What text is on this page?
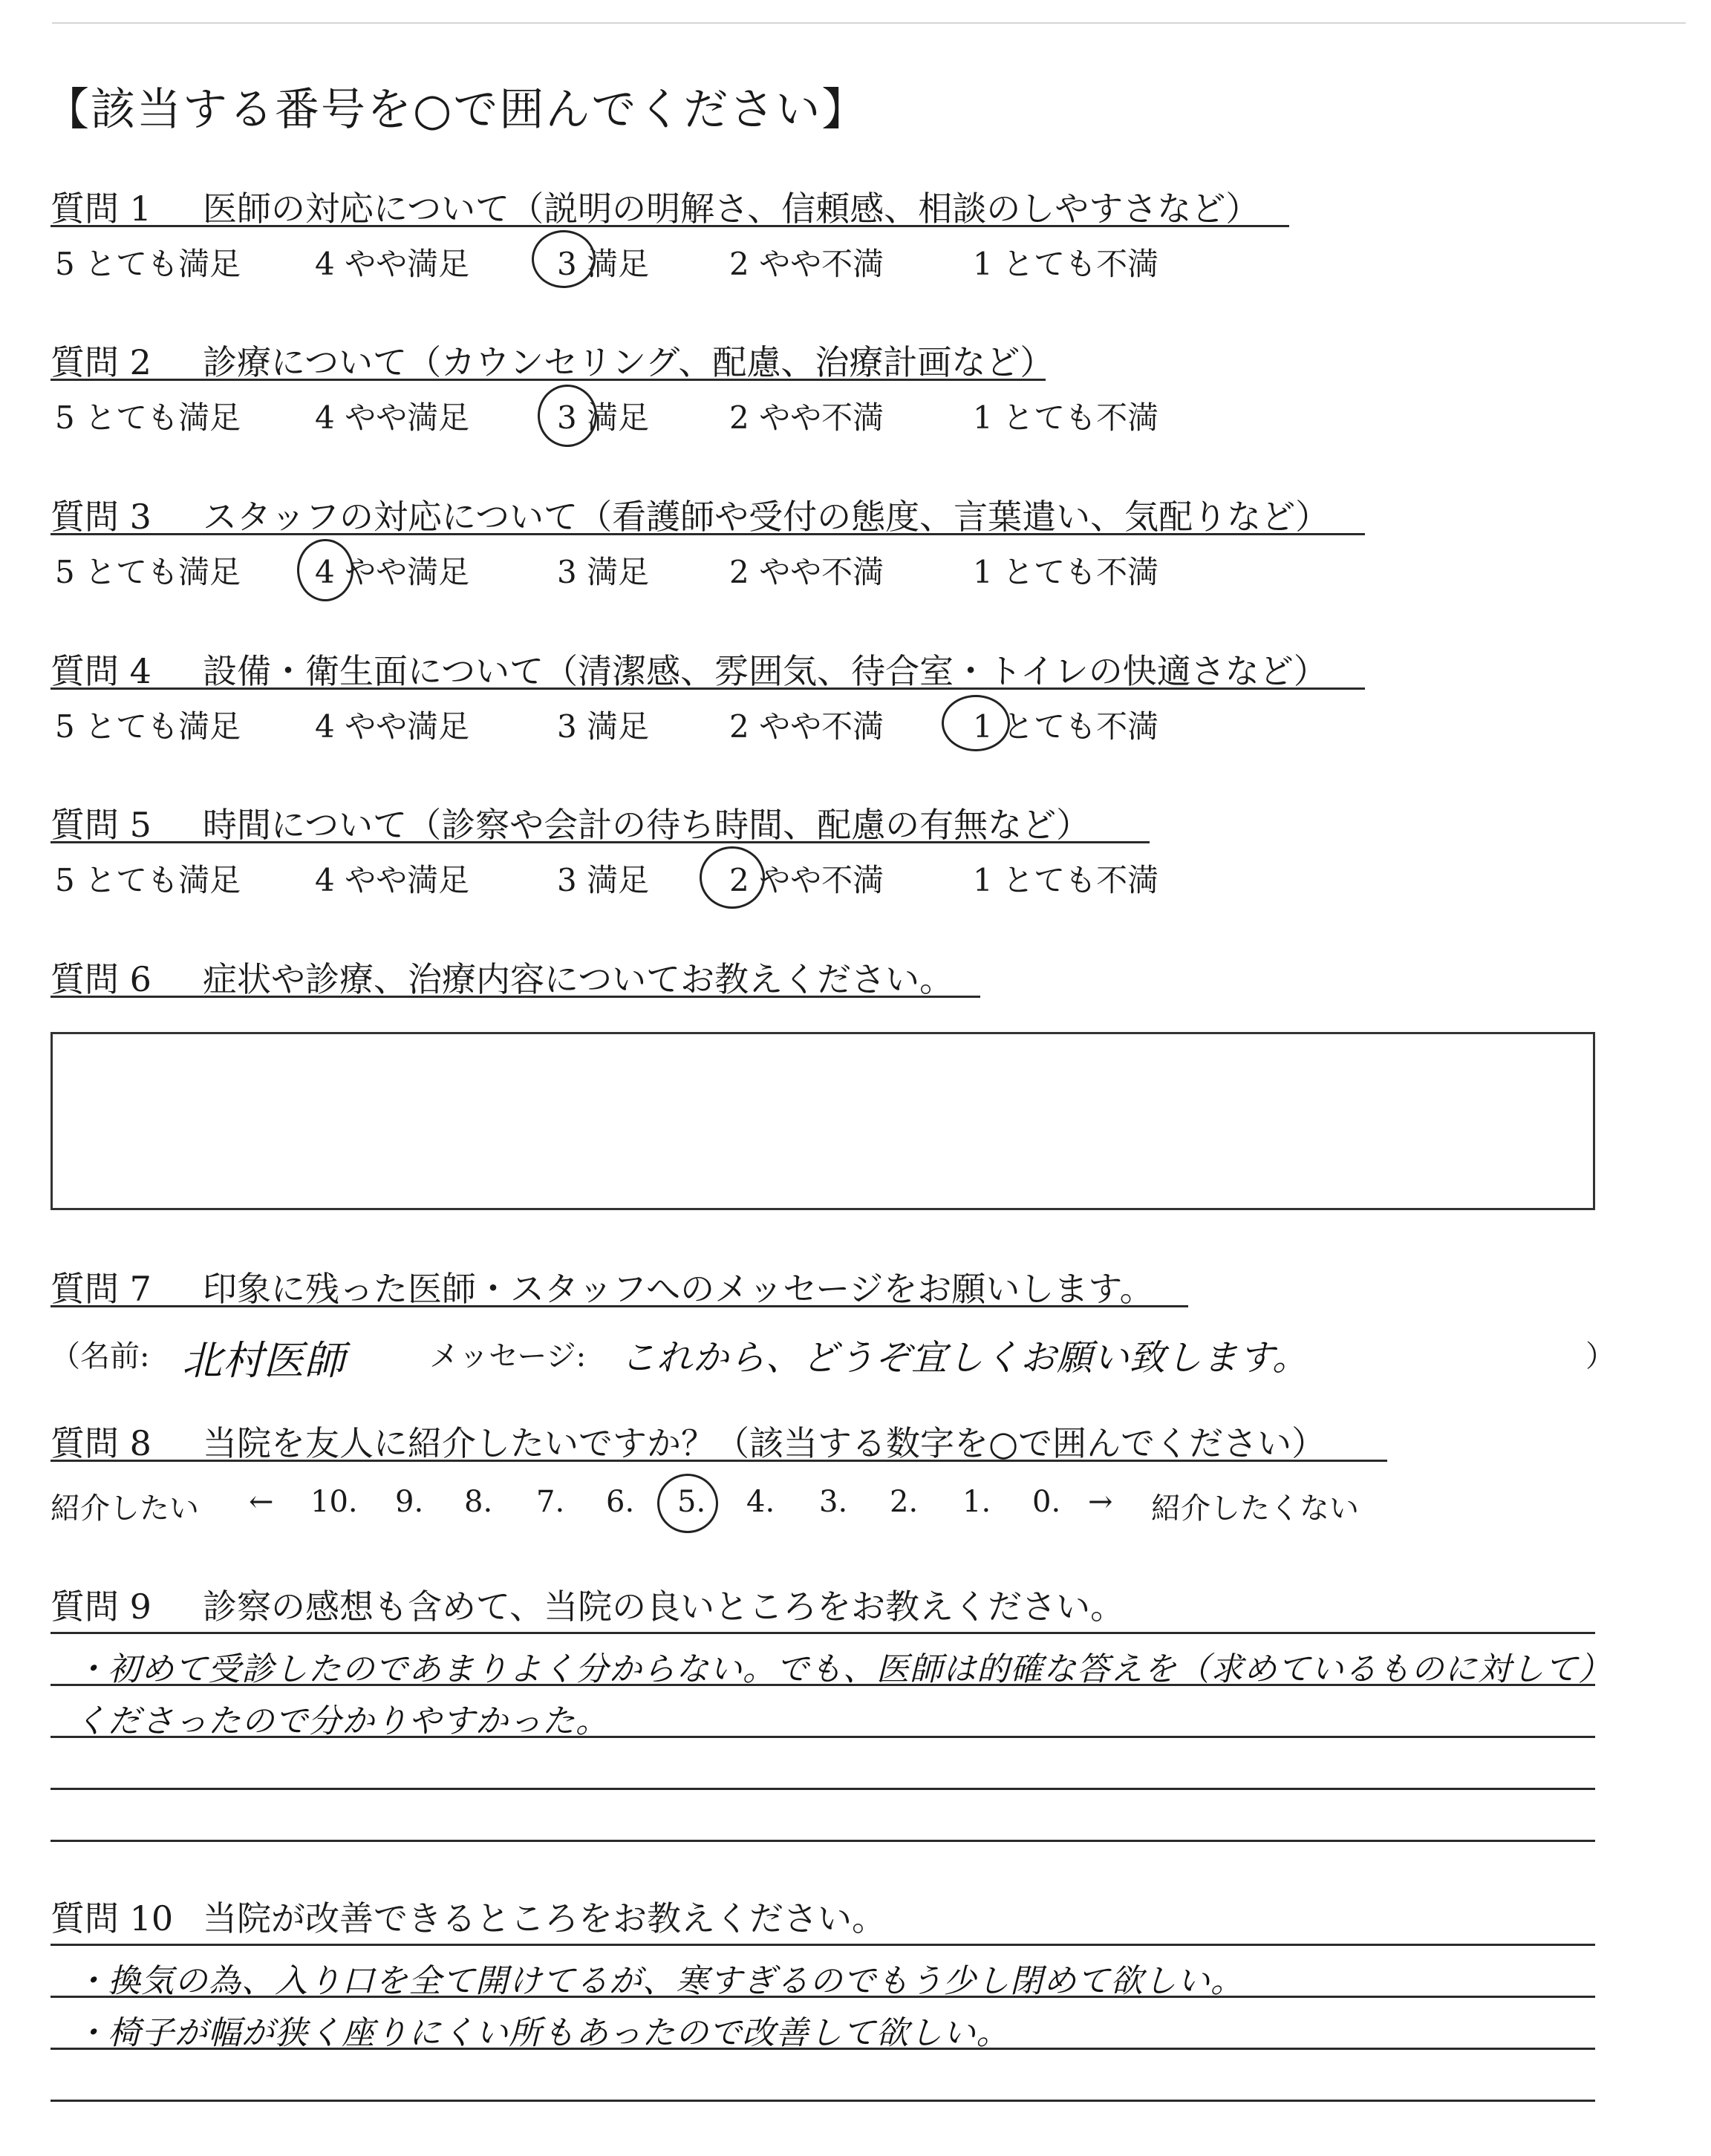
【該当する番号を○で囲んでください】
質問 1 医師の対応について（説明の明解さ、信頼感、相談のしやすさなど）
5 とても満足 4 やや満足	3 満足	2 やや不満	1 とても不満
質問 2 診療について（カウンセリング、配慮、治療計画など）
5 とても満足 4 やや満足	3 満足	2 やや不満	1 とても不満
質問 3 スタッフの対応について（看護師や受付の態度、言葉遣い、気配りなど）
5 とても満足 4 やや満足	3 満足	2 やや不満	1 とても不満
質問 4 設備・衛生面について（清潔感、雰囲気、待合室・トイレの快適さなど）
5 とても満足 4 やや満足	3 満足	2 やや不満	1 とても不満
質問 5 時間について（診察や会計の待ち時間、配慮の有無など）
5 とても満足 4 やや満足	3 満足	2 やや不満	1 とても不満
質問 6 症状や診療、治療内容についてお教えください。
質問 7 印象に残った医師・スタッフへのメッセージをお願いします。
（名前: 北村医師	メッセージ: これから、どうぞ宜しくお願い致します。	）
質問 8 当院を友人に紹介したいですか？（該当する数字を○で囲んでください）
紹介したい ← 10. 9. 8. 7. 6. 5. 4. 3. 2. 1. 0. → 紹介したくない
質問 9 診察の感想も含めて、当院の良いところをお教えください。
・初めて受診したのであまりよく分からない。でも、医師は的確な答えを（求めているものに対して）
くださったので分かりやすかった。
質問 10 当院が改善できるところをお教えください。
・換気の為、入り口を全て開けてるが、寒すぎるのでもう少し閉めて欲しい。
・椅子が幅が狭く座りにくい所もあったので改善して欲しい。
